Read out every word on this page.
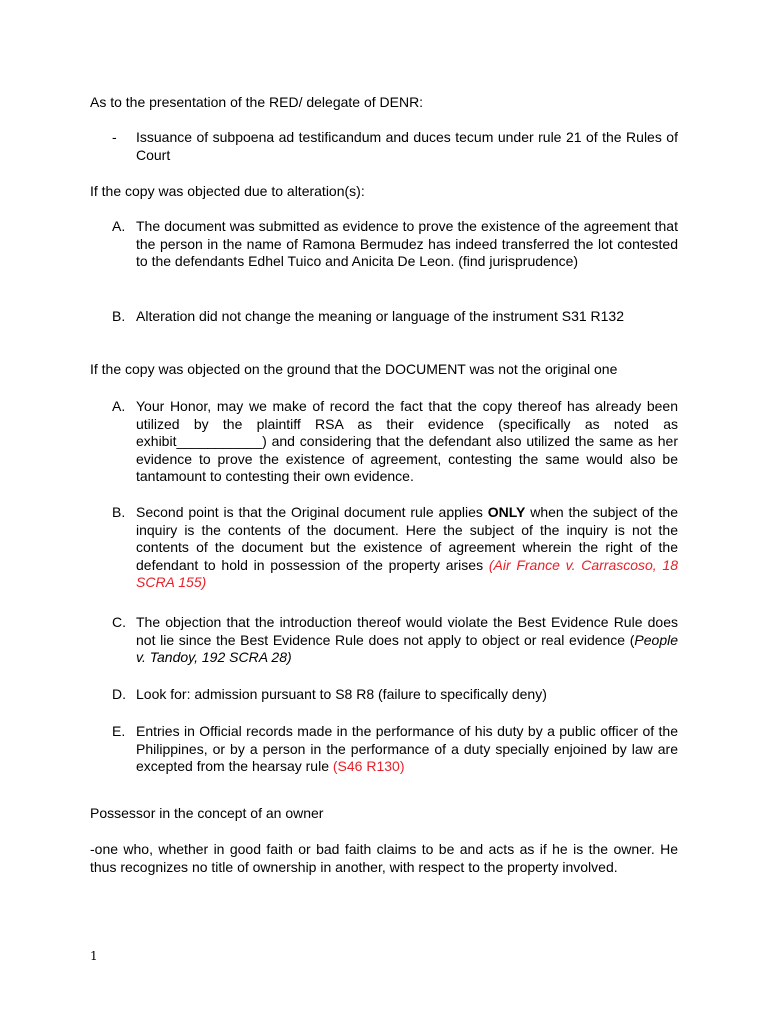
As to the presentation of the RED/ delegate of DENR:
-	Issuance of subpoena ad testificandum and duces tecum under rule 21 of the Rules of Court
If the copy was objected due to alteration(s):
A. The document was submitted as evidence to prove the existence of the agreement that the person in the name of Ramona Bermudez has indeed transferred the lot contested to the defendants Edhel Tuico and Anicita De Leon. (find jurisprudence)
B. Alteration did not change the meaning or language of the instrument S31 R132
If the copy was objected on the ground that the DOCUMENT was not the original one
A. Your Honor, may we make of record the fact that the copy thereof has already been utilized by the plaintiff RSA as their evidence (specifically as noted as exhibit___________) and considering that the defendant also utilized the same as her evidence to prove the existence of agreement, contesting the same would also be tantamount to contesting their own evidence.
B. Second point is that the Original document rule applies ONLY when the subject of the inquiry is the contents of the document. Here the subject of the inquiry is not the contents of the document but the existence of agreement wherein the right of the defendant to hold in possession of the property arises (Air France v. Carrascoso, 18 SCRA 155)
C. The objection that the introduction thereof would violate the Best Evidence Rule does not lie since the Best Evidence Rule does not apply to object or real evidence (People v. Tandoy, 192 SCRA 28)
D. Look for: admission pursuant to S8 R8 (failure to specifically deny)
E. Entries in Official records made in the performance of his duty by a public officer of the Philippines, or by a person in the performance of a duty specially enjoined by law are excepted from the hearsay rule (S46 R130)
Possessor in the concept of an owner
-one who, whether in good faith or bad faith claims to be and acts as if he is the owner. He thus recognizes no title of ownership in another, with respect to the property involved.
1
